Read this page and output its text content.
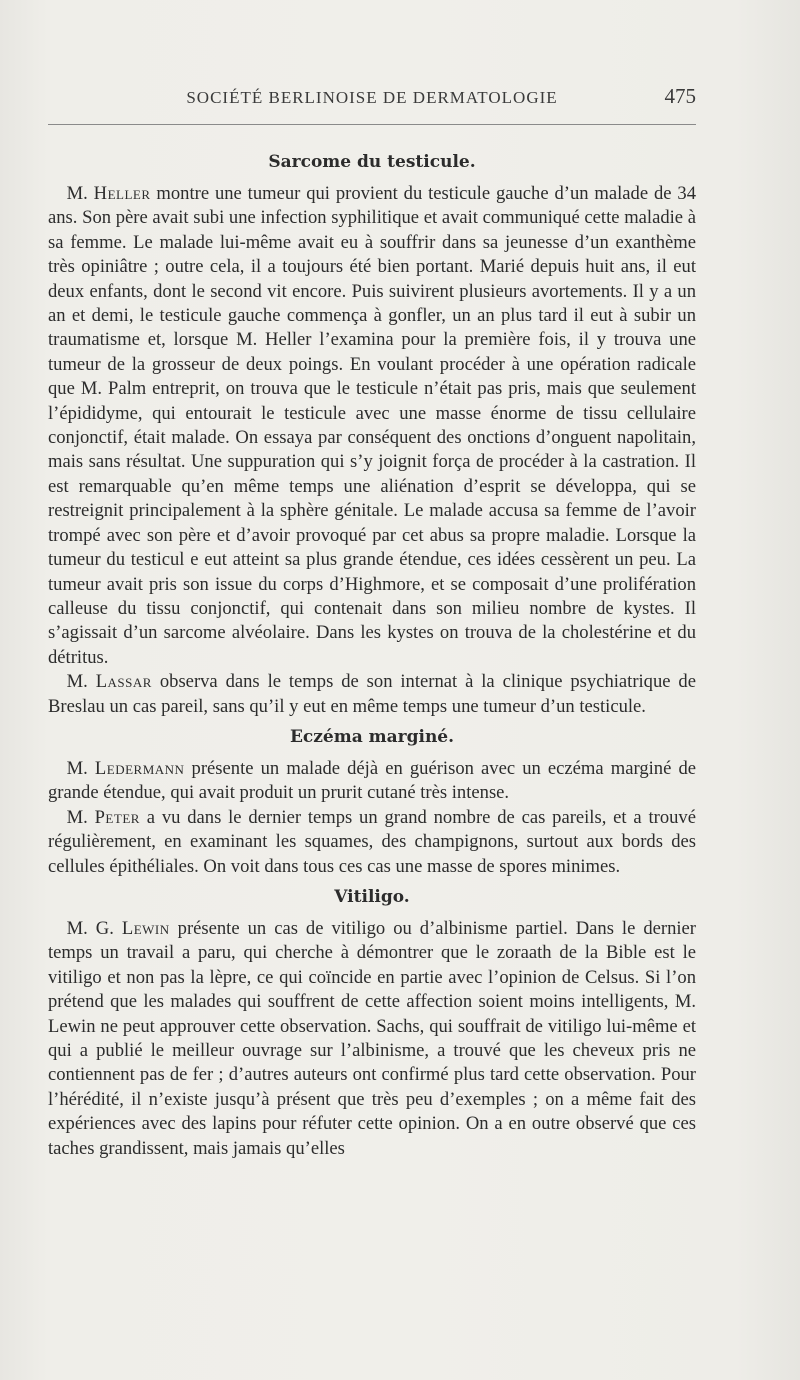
SOCIÉTÉ BERLINOISE DE DERMATOLOGIE	475
Sarcome du testicule.

 M. Heller montre une tumeur qui provient du testicule gauche d’un malade de 34 ans. Son père avait subi une infection syphilitique et avait communiqué cette maladie à sa femme. Le malade lui-même avait eu à souffrir dans sa jeunesse d’un exanthème très opiniâtre ; outre cela, il a toujours été bien portant. Marié depuis huit ans, il eut deux enfants, dont le second vit encore. Puis suivirent plusieurs avortements. Il y a un an et demi, le testicule gauche commença à gonfler, un an plus tard il eut à subir un traumatisme et, lorsque M. Heller l’examina pour la première fois, il y trouva une tumeur de la grosseur de deux poings. En voulant procéder à une opération radicale que M. Palm entreprit, on trouva que le testicule n’était pas pris, mais que seulement l’épididyme, qui entourait le testicule avec une masse énorme de tissu cellulaire conjonctif, était malade. On essaya par conséquent des onctions d’onguent napolitain, mais sans résultat. Une suppuration qui s’y joignit força de procéder à la castration. Il est remarquable qu’en même temps une aliénation d’esprit se développa, qui se restreignit principalement à la sphère génitale. Le malade accusa sa femme de l’avoir trompé avec son père et d’avoir provoqué par cet abus sa propre maladie. Lorsque la tumeur du testicul e eut atteint sa plus grande étendue, ces idées cessèrent un peu. La tumeur avait pris son issue du corps d’Highmore, et se composait d’une prolifération calleuse du tissu conjonctif, qui contenait dans son milieu nombre de kystes. Il s’agissait d’un sarcome alvéolaire. Dans les kystes on trouva de la cholestérine et du détritus.

 M. Lassar observa dans le temps de son internat à la clinique psychiatrique de Breslau un cas pareil, sans qu’il y eut en même temps une tumeur d’un testicule.

Eczéma marginé.

 M. Ledermann présente un malade déjà en guérison avec un eczéma marginé de grande étendue, qui avait produit un prurit cutané très intense.

 M. Peter a vu dans le dernier temps un grand nombre de cas pareils, et a trouvé régulièrement, en examinant les squames, des champignons, surtout aux bords des cellules épithéliales. On voit dans tous ces cas une masse de spores minimes.

Vitiligo.

 M. G. Lewin présente un cas de vitiligo ou d’albinisme partiel. Dans le dernier temps un travail a paru, qui cherche à démontrer que le zoraath de la Bible est le vitiligo et non pas la lèpre, ce qui coïncide en partie avec l’opinion de Celsus. Si l’on prétend que les malades qui souffrent de cette affection soient moins intelligents, M. Lewin ne peut approuver cette observation. Sachs, qui souffrait de vitiligo lui-même et qui a publié le meilleur ouvrage sur l’albinisme, a trouvé que les cheveux pris ne contiennent pas de fer ; d’autres auteurs ont confirmé plus tard cette observation. Pour l’hérédité, il n’existe jusqu’à présent que très peu d’exemples ; on a même fait des expériences avec des lapins pour réfuter cette opinion. On a en outre observé que ces taches grandissent, mais jamais qu’elles
